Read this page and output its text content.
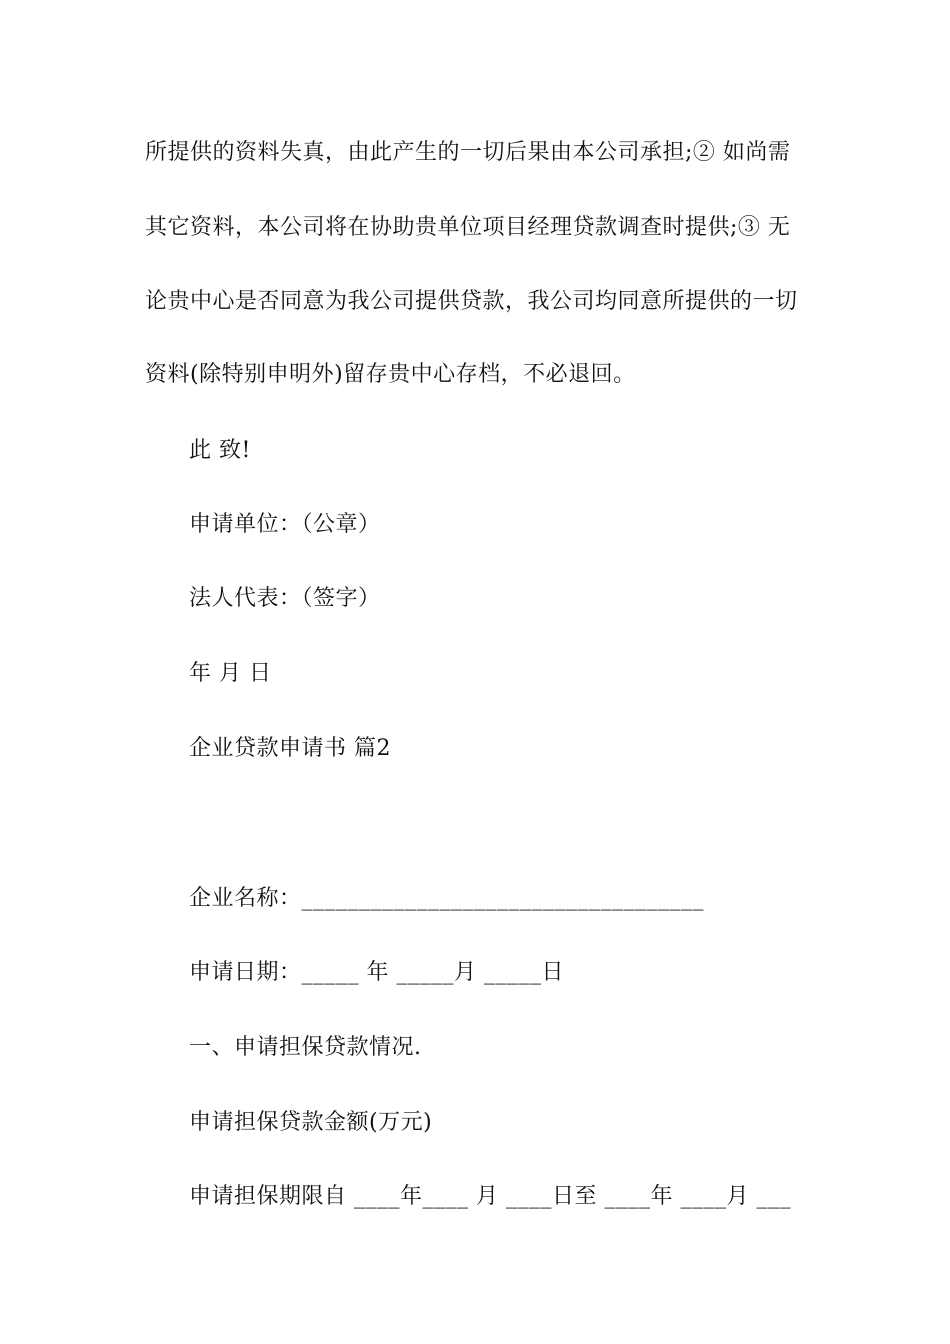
所提供的资料失真，由此产生的一切后果由本公司承担;② 如尚需
其它资料，本公司将在协助贵单位项目经理贷款调查时提供;③ 无
论贵中心是否同意为我公司提供贷款，我公司均同意所提供的一切
资料(除特别申明外)留存贵中心存档，不必退回。
此 致!
申请单位：（公章）
法人代表：（签字）
年 月 日
企业贷款申请书 篇2
企业名称：___________________________________
申请日期：_____ 年 _____月 _____日
一、申请担保贷款情况.
申请担保贷款金额(万元)
申请担保期限自 ____年____ 月 ____日至 ____年 ____月 ___
